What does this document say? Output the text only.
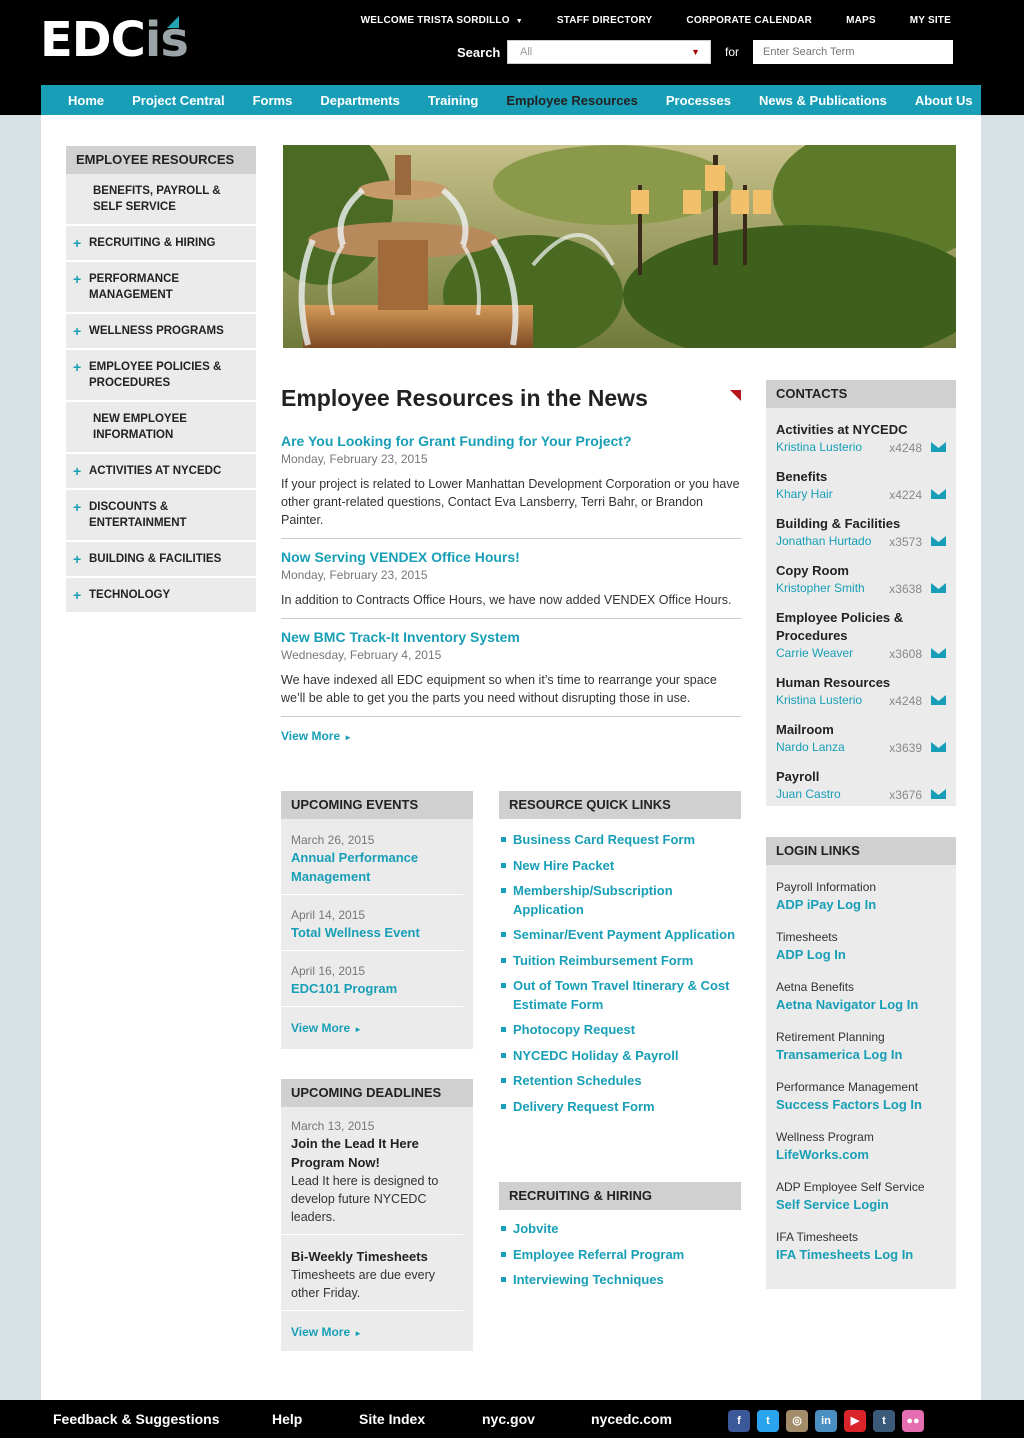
EDCis	WELCOME TRISTA SORDILLO ▼	STAFF DIRECTORY	CORPORATE CALENDAR	MAPS	MY SITE
Search	All	▼	for
Enter Search Term
Home Project Central Forms Departments Training Employee Resources Processes News & Publications About Us
EMPLOYEE RESOURCES
BENEFITS, PAYROLL & SELF SERVICE
+ RECRUITING & HIRING
+ PERFORMANCE MANAGEMENT
+ WELLNESS PROGRAMS
+ EMPLOYEE POLICIES & PROCEDURES
NEW EMPLOYEE INFORMATION
+ ACTIVITIES AT NYCEDC
+ DISCOUNTS & ENTERTAINMENT
+ BUILDING & FACILITIES
+ TECHNOLOGY
Employee Resources in the News
Are You Looking for Grant Funding for Your Project?
Monday, February 23, 2015
If your project is related to Lower Manhattan Development Corporation or you have other grant-related questions, Contact Eva Lansberry, Terri Bahr, or Brandon Painter.
Now Serving VENDEX Office Hours!
Monday, February 23, 2015
In addition to Contracts Office Hours, we have now added VENDEX Office Hours.
New BMC Track-It Inventory System
Wednesday, February 4, 2015
We have indexed all EDC equipment so when it’s time to rearrange your space we’ll be able to get you the parts you need without disrupting those in use.
View More ►
UPCOMING EVENTS
March 26, 2015
Annual Performance Management
April 14, 2015
Total Wellness Event
April 16, 2015
EDC101 Program
View More ►
UPCOMING DEADLINES
March 13, 2015
Join the Lead It Here Program Now!
Lead It here is designed to develop future NYCEDC leaders.
Bi-Weekly Timesheets
Timesheets are due every other Friday.
View More ►
RESOURCE QUICK LINKS
Business Card Request Form
New Hire Packet
Membership/Subscription Application
Seminar/Event Payment Application
Tuition Reimbursement Form
Out of Town Travel Itinerary & Cost Estimate Form
Photocopy Request
NYCEDC Holiday & Payroll
Retention Schedules
Delivery Request Form
RECRUITING & HIRING
Jobvite
Employee Referral Program
Interviewing Techniques
CONTACTS
Activities at NYCEDC
Kristina Lusterio	x4248
Benefits
Khary Hair	x4224
Building & Facilities
Jonathan Hurtado	x3573
Copy Room
Kristopher Smith	x3638
Employee Policies & Procedures
Carrie Weaver	x3608
Human Resources
Kristina Lusterio	x4248
Mailroom
Nardo Lanza	x3639
Payroll
Juan Castro	x3676
LOGIN LINKS
Payroll Information
ADP iPay Log In
Timesheets
ADP Log In
Aetna Benefits
Aetna Navigator Log In
Retirement Planning
Transamerica Log In
Performance Management
Success Factors Log In
Wellness Program
LifeWorks.com
ADP Employee Self Service
Self Service Login
IFA Timesheets
IFA Timesheets Log In
Feedback & Suggestions	Help	Site Index	nyc.gov	nycedc.com	f	t	◎	in	▶	t	●●
